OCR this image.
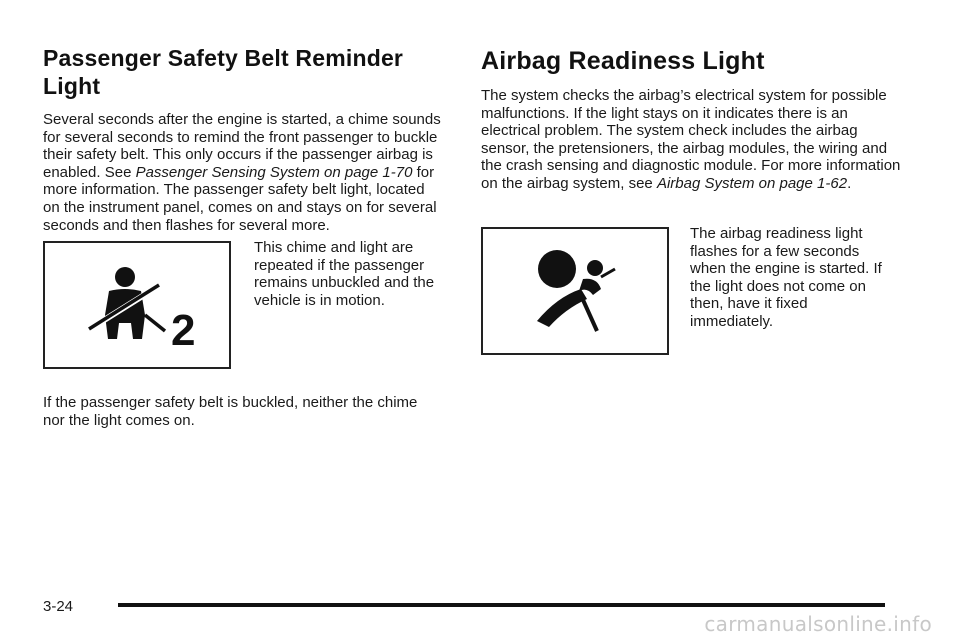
Passenger Safety Belt Reminder Light

Several seconds after the engine is started, a chime sounds for several seconds to remind the front passenger to buckle their safety belt. This only occurs if the passenger airbag is enabled. See Passenger Sensing System on page 1-70 for more information. The passenger safety belt light, located on the instrument panel, comes on and stays on for several seconds and then flashes for several more.

2

This chime and light are repeated if the passenger remains unbuckled and the vehicle is in motion.

If the passenger safety belt is buckled, neither the chime nor the light comes on.

Airbag Readiness Light

The system checks the airbag’s electrical system for possible malfunctions. If the light stays on it indicates there is an electrical problem. The system check includes the airbag sensor, the pretensioners, the airbag modules, the wiring and the crash sensing and diagnostic module. For more information on the airbag system, see Airbag System on page 1-62.

The airbag readiness light flashes for a few seconds when the engine is started. If the light does not come on then, have it fixed immediately.

3-24
carmanualsonline.info
